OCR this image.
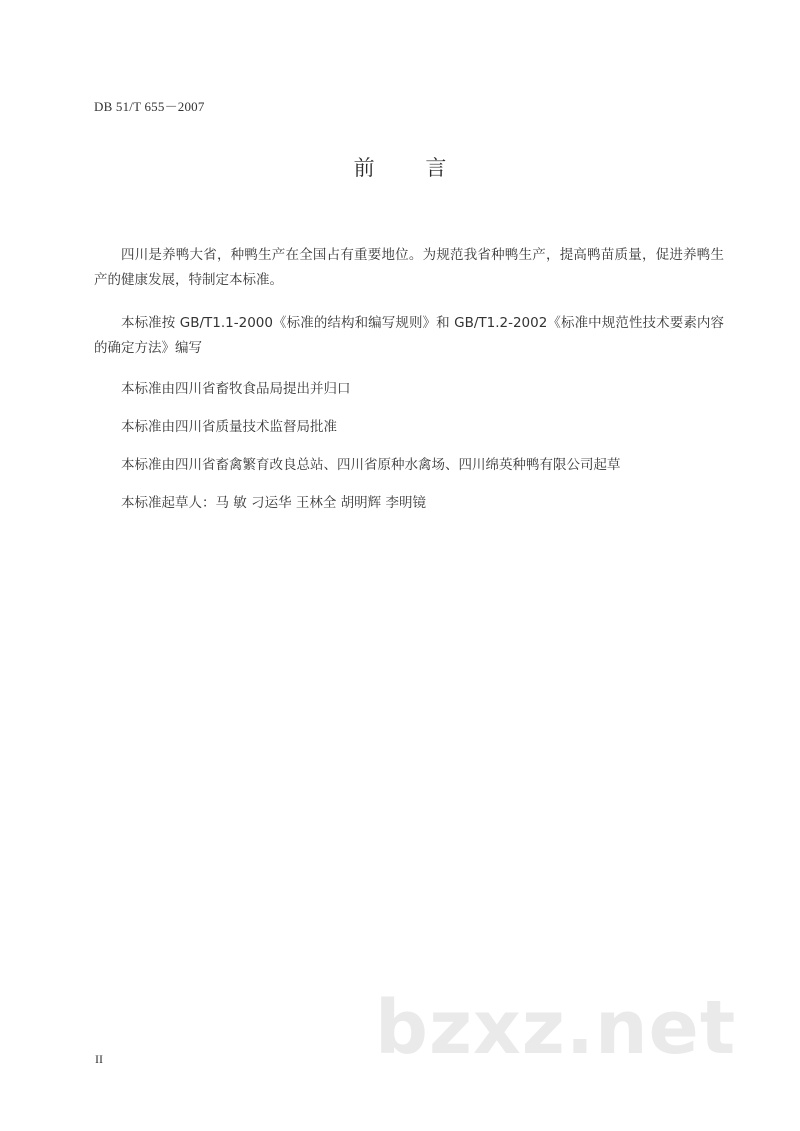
DB 51/T 655－2007
前 言

四川是养鸭大省，种鸭生产在全国占有重要地位。为规范我省种鸭生产，提高鸭苗质量，促进养鸭生产的健康发展，特制定本标准。

本标准按 GB/T1.1-2000《标准的结构和编写规则》和 GB/T1.2-2002《标准中规范性技术要素内容的确定方法》编写

本标准由四川省畜牧食品局提出并归口

本标准由四川省质量技术监督局批准

本标准由四川省畜禽繁育改良总站、四川省原种水禽场、四川绵英种鸭有限公司起草

本标准起草人：马 敏 刁运华 王林全 胡明辉 李明镜

bzxz.net
II
